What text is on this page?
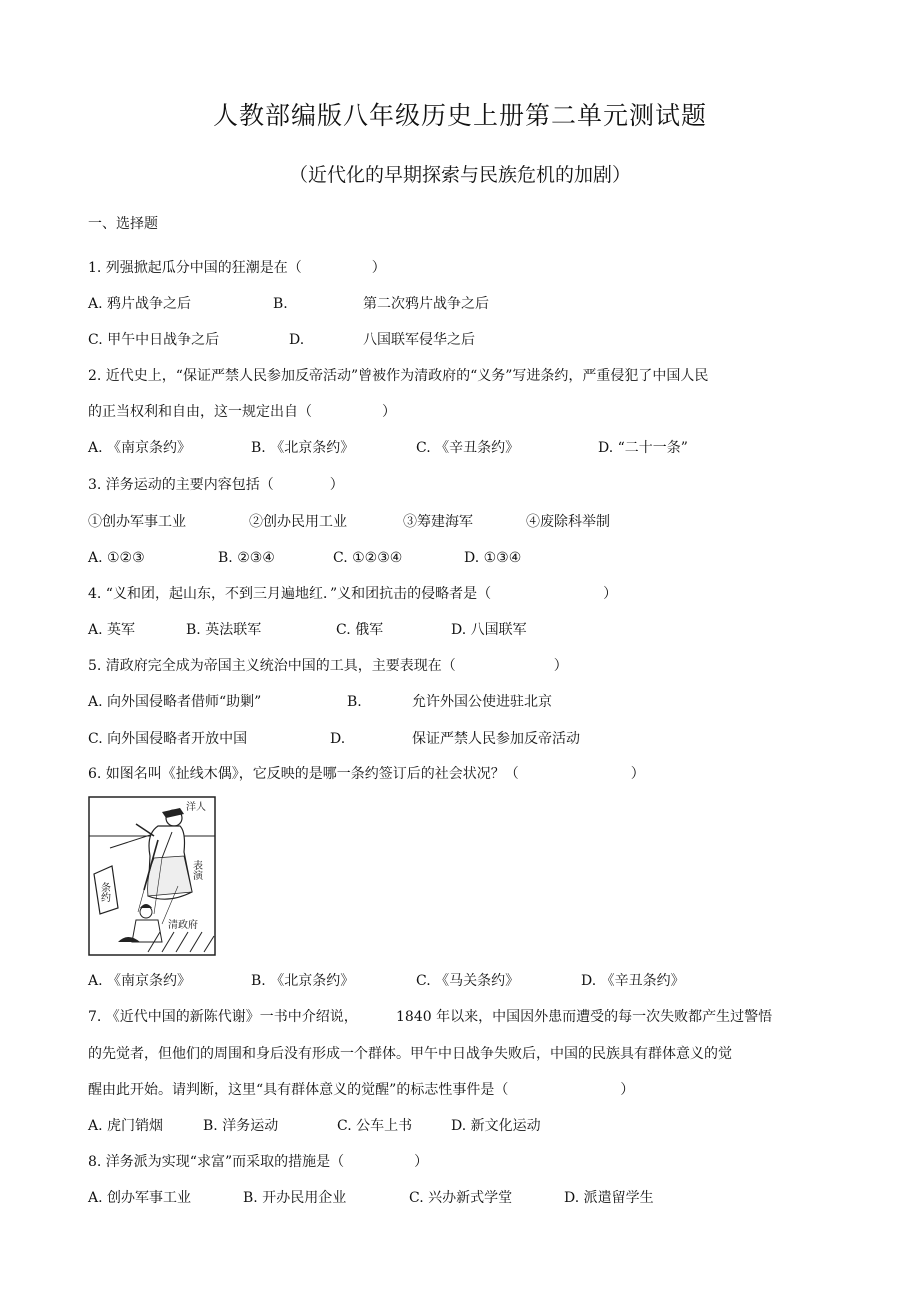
人教部编版八年级历史上册第二单元测试题
（近代化的早期探索与民族危机的加剧）
一、选择题
1. 列强掀起瓜分中国的狂潮是在（　　　　　）
A. 鸦片战争之后	B.	第二次鸦片战争之后
C. 甲午中日战争之后	D.	八国联军侵华之后
2. 近代史上，“保证严禁人民参加反帝活动”曾被作为清政府的“义务”写进条约，严重侵犯了中国人民
的正当权利和自由，这一规定出自（　　　　　）
A. 《南京条约》	B. 《北京条约》	C. 《辛丑条约》	D. “二十一条”
3. 洋务运动的主要内容包括（　　　　）
①创办军事工业	②创办民用工业	③筹建海军	④废除科举制
A. ①②③	B. ②③④	C. ①②③④	D. ①③④
4. “义和团，起山东，不到三月遍地红．”义和团抗击的侵略者是（　　　　　　　　）
A. 英军	B. 英法联军	C. 俄军	D. 八国联军
5. 清政府完全成为帝国主义统治中国的工具，主要表现在（　　　　　　　）
A. 向外国侵略者借师“助剿”	B.	允许外国公使进驻北京
C. 向外国侵略者开放中国	D.	保证严禁人民参加反帝活动
6. 如图名叫《扯线木偶》，它反映的是哪一条约签订后的社会状况？（　　　　　　　　）
洋人
表演
条约
清政府
A. 《南京条约》	B. 《北京条约》	C. 《马关条约》	D. 《辛丑条约》
7. 《近代中国的新陈代谢》一书中介绍说，	1840 年以来，中国因外患而遭受的每一次失败都产生过警悟
的先觉者，但他们的周围和身后没有形成一个群体。甲午中日战争失败后，中国的民族具有群体意义的觉
醒由此开始。请判断，这里“具有群体意义的觉醒”的标志性事件是（　　　　　　　　）
A. 虎门销烟	B. 洋务运动	C. 公车上书	D. 新文化运动
8. 洋务派为实现“求富”而采取的措施是（　　　　　）
A. 创办军事工业	B. 开办民用企业	C. 兴办新式学堂	D. 派遣留学生
